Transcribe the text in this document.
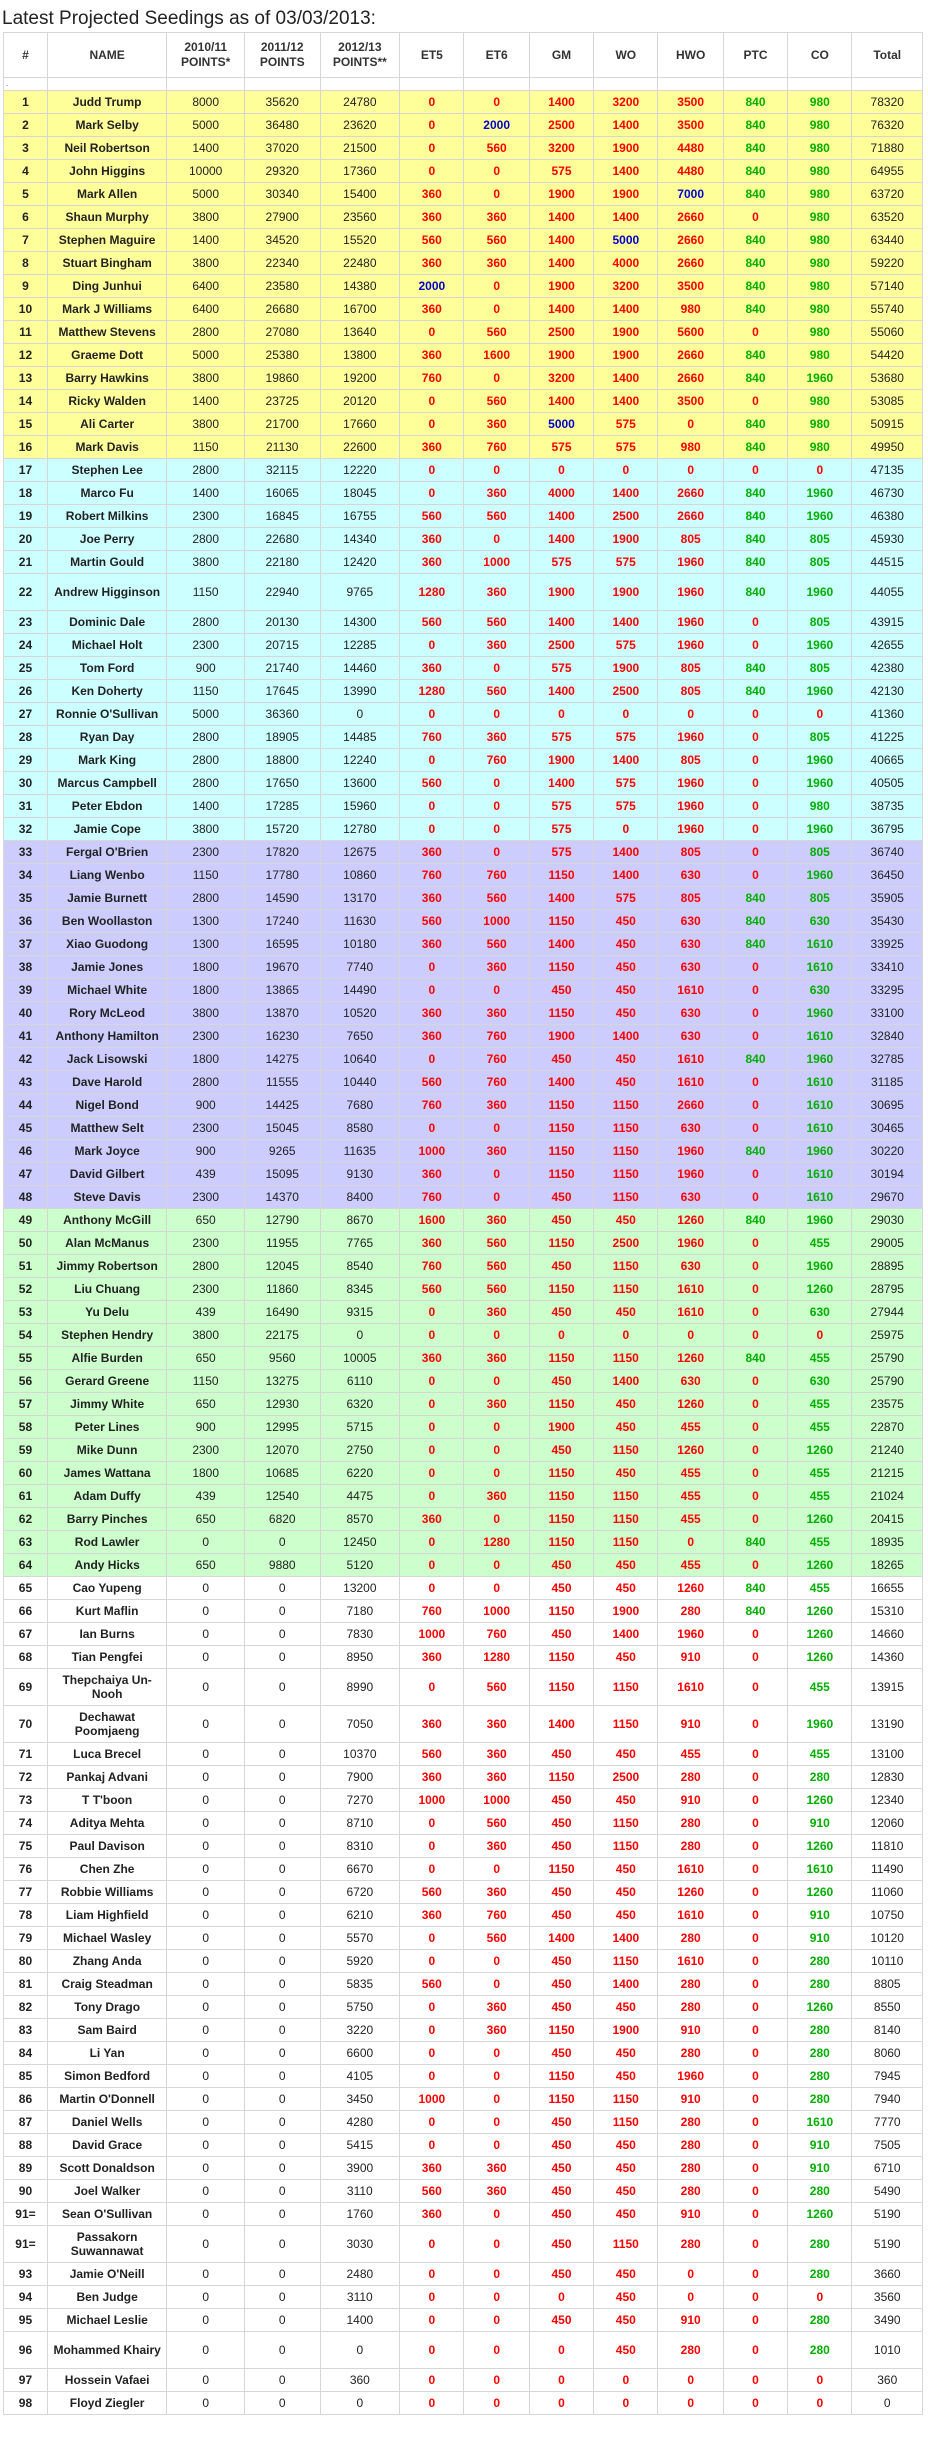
Latest Projected Seedings as of 03/03/2013:
#	NAME	2010/11 POINTS*	2011/12 POINTS	2012/13 POINTS**	ET5	ET6	GM	WO	HWO	PTC	CO	Total
.												
1	Judd Trump	8000	35620	24780	0	0	1400	3200	3500	840	980	78320
2	Mark Selby	5000	36480	23620	0	2000	2500	1400	3500	840	980	76320
3	Neil Robertson	1400	37020	21500	0	560	3200	1900	4480	840	980	71880
4	John Higgins	10000	29320	17360	0	0	575	1400	4480	840	980	64955
5	Mark Allen	5000	30340	15400	360	0	1900	1900	7000	840	980	63720
6	Shaun Murphy	3800	27900	23560	360	360	1400	1400	2660	0	980	63520
7	Stephen Maguire	1400	34520	15520	560	560	1400	5000	2660	840	980	63440
8	Stuart Bingham	3800	22340	22480	360	360	1400	4000	2660	840	980	59220
9	Ding Junhui	6400	23580	14380	2000	0	1900	3200	3500	840	980	57140
10	Mark J Williams	6400	26680	16700	360	0	1400	1400	980	840	980	55740
11	Matthew Stevens	2800	27080	13640	0	560	2500	1900	5600	0	980	55060
12	Graeme Dott	5000	25380	13800	360	1600	1900	1900	2660	840	980	54420
13	Barry Hawkins	3800	19860	19200	760	0	3200	1400	2660	840	1960	53680
14	Ricky Walden	1400	23725	20120	0	560	1400	1400	3500	0	980	53085
15	Ali Carter	3800	21700	17660	0	360	5000	575	0	840	980	50915
16	Mark Davis	1150	21130	22600	360	760	575	575	980	840	980	49950
17	Stephen Lee	2800	32115	12220	0	0	0	0	0	0	0	47135
18	Marco Fu	1400	16065	18045	0	360	4000	1400	2660	840	1960	46730
19	Robert Milkins	2300	16845	16755	560	560	1400	2500	2660	840	1960	46380
20	Joe Perry	2800	22680	14340	360	0	1400	1900	805	840	805	45930
21	Martin Gould	3800	22180	12420	360	1000	575	575	1960	840	805	44515
22	Andrew Higginson	1150	22940	9765	1280	360	1900	1900	1960	840	1960	44055
23	Dominic Dale	2800	20130	14300	560	560	1400	1400	1960	0	805	43915
24	Michael Holt	2300	20715	12285	0	360	2500	575	1960	0	1960	42655
25	Tom Ford	900	21740	14460	360	0	575	1900	805	840	805	42380
26	Ken Doherty	1150	17645	13990	1280	560	1400	2500	805	840	1960	42130
27	Ronnie O'Sullivan	5000	36360	0	0	0	0	0	0	0	0	41360
28	Ryan Day	2800	18905	14485	760	360	575	575	1960	0	805	41225
29	Mark King	2800	18800	12240	0	760	1900	1400	805	0	1960	40665
30	Marcus Campbell	2800	17650	13600	560	0	1400	575	1960	0	1960	40505
31	Peter Ebdon	1400	17285	15960	0	0	575	575	1960	0	980	38735
32	Jamie Cope	3800	15720	12780	0	0	575	0	1960	0	1960	36795
33	Fergal O'Brien	2300	17820	12675	360	0	575	1400	805	0	805	36740
34	Liang Wenbo	1150	17780	10860	760	760	1150	1400	630	0	1960	36450
35	Jamie Burnett	2800	14590	13170	360	560	1400	575	805	840	805	35905
36	Ben Woollaston	1300	17240	11630	560	1000	1150	450	630	840	630	35430
37	Xiao Guodong	1300	16595	10180	360	560	1400	450	630	840	1610	33925
38	Jamie Jones	1800	19670	7740	0	360	1150	450	630	0	1610	33410
39	Michael White	1800	13865	14490	0	0	450	450	1610	0	630	33295
40	Rory McLeod	3800	13870	10520	360	360	1150	450	630	0	1960	33100
41	Anthony Hamilton	2300	16230	7650	360	760	1900	1400	630	0	1610	32840
42	Jack Lisowski	1800	14275	10640	0	760	450	450	1610	840	1960	32785
43	Dave Harold	2800	11555	10440	560	760	1400	450	1610	0	1610	31185
44	Nigel Bond	900	14425	7680	760	360	1150	1150	2660	0	1610	30695
45	Matthew Selt	2300	15045	8580	0	0	1150	1150	630	0	1610	30465
46	Mark Joyce	900	9265	11635	1000	360	1150	1150	1960	840	1960	30220
47	David Gilbert	439	15095	9130	360	0	1150	1150	1960	0	1610	30194
48	Steve Davis	2300	14370	8400	760	0	450	1150	630	0	1610	29670
49	Anthony McGill	650	12790	8670	1600	360	450	450	1260	840	1960	29030
50	Alan McManus	2300	11955	7765	360	560	1150	2500	1960	0	455	29005
51	Jimmy Robertson	2800	12045	8540	760	560	450	1150	630	0	1960	28895
52	Liu Chuang	2300	11860	8345	560	560	1150	1150	1610	0	1260	28795
53	Yu Delu	439	16490	9315	0	360	450	450	1610	0	630	27944
54	Stephen Hendry	3800	22175	0	0	0	0	0	0	0	0	25975
55	Alfie Burden	650	9560	10005	360	360	1150	1150	1260	840	455	25790
56	Gerard Greene	1150	13275	6110	0	0	450	1400	630	0	630	25790
57	Jimmy White	650	12930	6320	0	360	1150	450	1260	0	455	23575
58	Peter Lines	900	12995	5715	0	0	1900	450	455	0	455	22870
59	Mike Dunn	2300	12070	2750	0	0	450	1150	1260	0	1260	21240
60	James Wattana	1800	10685	6220	0	0	1150	450	455	0	455	21215
61	Adam Duffy	439	12540	4475	0	360	1150	1150	455	0	455	21024
62	Barry Pinches	650	6820	8570	360	0	1150	1150	455	0	1260	20415
63	Rod Lawler	0	0	12450	0	1280	1150	1150	0	840	455	18935
64	Andy Hicks	650	9880	5120	0	0	450	450	455	0	1260	18265
65	Cao Yupeng	0	0	13200	0	0	450	450	1260	840	455	16655
66	Kurt Maflin	0	0	7180	760	1000	1150	1900	280	840	1260	15310
67	Ian Burns	0	0	7830	1000	760	450	1400	1960	0	1260	14660
68	Tian Pengfei	0	0	8950	360	1280	1150	450	910	0	1260	14360
69	Thepchaiya Un-Nooh	0	0	8990	0	560	1150	1150	1610	0	455	13915
70	Dechawat Poomjaeng	0	0	7050	360	360	1400	1150	910	0	1960	13190
71	Luca Brecel	0	0	10370	560	360	450	450	455	0	455	13100
72	Pankaj Advani	0	0	7900	360	360	1150	2500	280	0	280	12830
73	T T'boon	0	0	7270	1000	1000	450	450	910	0	1260	12340
74	Aditya Mehta	0	0	8710	0	560	450	1150	280	0	910	12060
75	Paul Davison	0	0	8310	0	360	450	1150	280	0	1260	11810
76	Chen Zhe	0	0	6670	0	0	1150	450	1610	0	1610	11490
77	Robbie Williams	0	0	6720	560	360	450	450	1260	0	1260	11060
78	Liam Highfield	0	0	6210	360	760	450	450	1610	0	910	10750
79	Michael Wasley	0	0	5570	0	560	1400	1400	280	0	910	10120
80	Zhang Anda	0	0	5920	0	0	450	1150	1610	0	280	10110
81	Craig Steadman	0	0	5835	560	0	450	1400	280	0	280	8805
82	Tony Drago	0	0	5750	0	360	450	450	280	0	1260	8550
83	Sam Baird	0	0	3220	0	360	1150	1900	910	0	280	8140
84	Li Yan	0	0	6600	0	0	450	450	280	0	280	8060
85	Simon Bedford	0	0	4105	0	0	1150	450	1960	0	280	7945
86	Martin O'Donnell	0	0	3450	1000	0	1150	1150	910	0	280	7940
87	Daniel Wells	0	0	4280	0	0	450	1150	280	0	1610	7770
88	David Grace	0	0	5415	0	0	450	450	280	0	910	7505
89	Scott Donaldson	0	0	3900	360	360	450	450	280	0	910	6710
90	Joel Walker	0	0	3110	560	360	450	450	280	0	280	5490
91=	Sean O'Sullivan	0	0	1760	360	0	450	450	910	0	1260	5190
91=	Passakorn Suwannawat	0	0	3030	0	0	450	1150	280	0	280	5190
93	Jamie O'Neill	0	0	2480	0	0	450	450	0	0	280	3660
94	Ben Judge	0	0	3110	0	0	0	450	0	0	0	3560
95	Michael Leslie	0	0	1400	0	0	450	450	910	0	280	3490
96	Mohammed Khairy	0	0	0	0	0	0	450	280	0	280	1010
97	Hossein Vafaei	0	0	360	0	0	0	0	0	0	0	360
98	Floyd Ziegler	0	0	0	0	0	0	0	0	0	0	0
